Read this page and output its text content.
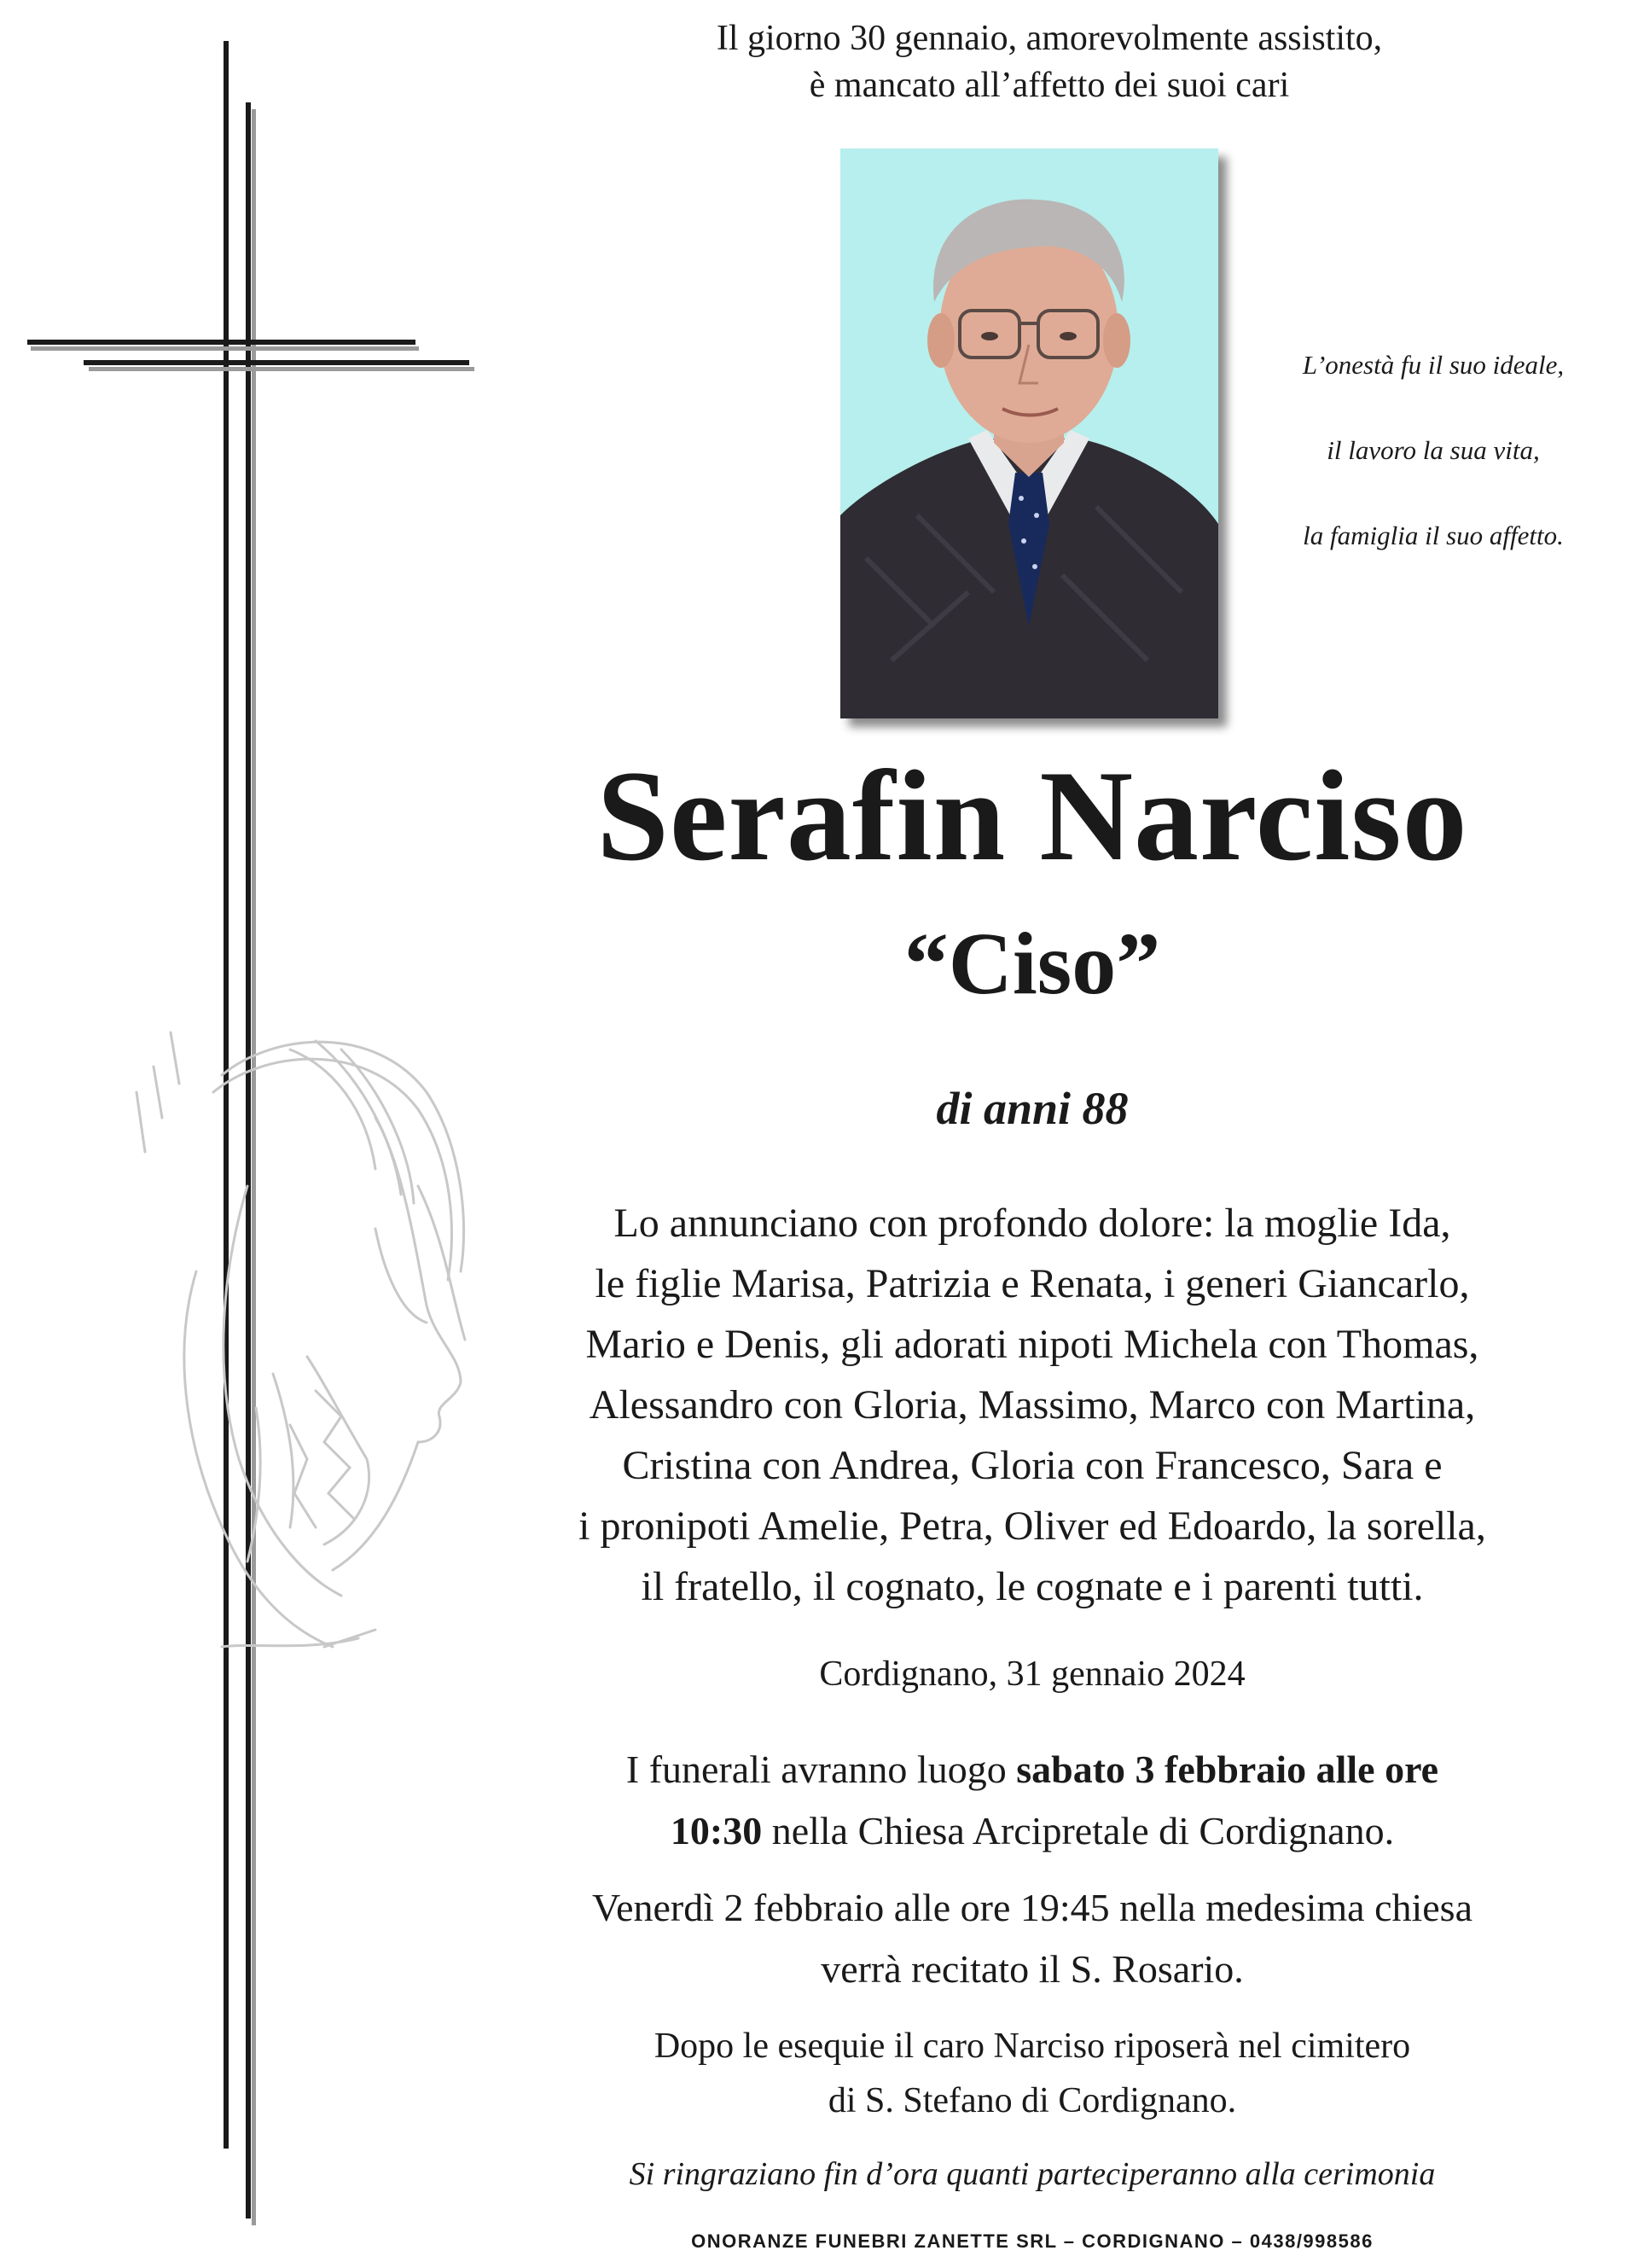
Il giorno 30 gennaio, amorevolmente assistito,
è mancato all’affetto dei suoi cari
L’onestà fu il suo ideale,
il lavoro la sua vita,
la famiglia il suo affetto.
Serafin Narciso
“Ciso”
di anni 88
Lo annunciano con profondo dolore: la moglie Ida,
le figlie Marisa, Patrizia e Renata, i generi Giancarlo,
Mario e Denis, gli adorati nipoti Michela con Thomas,
Alessandro con Gloria, Massimo, Marco con Martina,
Cristina con Andrea, Gloria con Francesco, Sara e
i pronipoti Amelie, Petra, Oliver ed Edoardo, la sorella,
il fratello, il cognato, le cognate e i parenti tutti.
Cordignano, 31 gennaio 2024
I funerali avranno luogo sabato 3 febbraio alle ore
10:30 nella Chiesa Arcipretale di Cordignano.
Venerdì 2 febbraio alle ore 19:45 nella medesima chiesa
verrà recitato il S. Rosario.
Dopo le esequie il caro Narciso riposerà nel cimitero
di S. Stefano di Cordignano.
Si ringraziano fin d’ora quanti parteciperanno alla cerimonia
ONORANZE FUNEBRI ZANETTE SRL – CORDIGNANO – 0438/998586
